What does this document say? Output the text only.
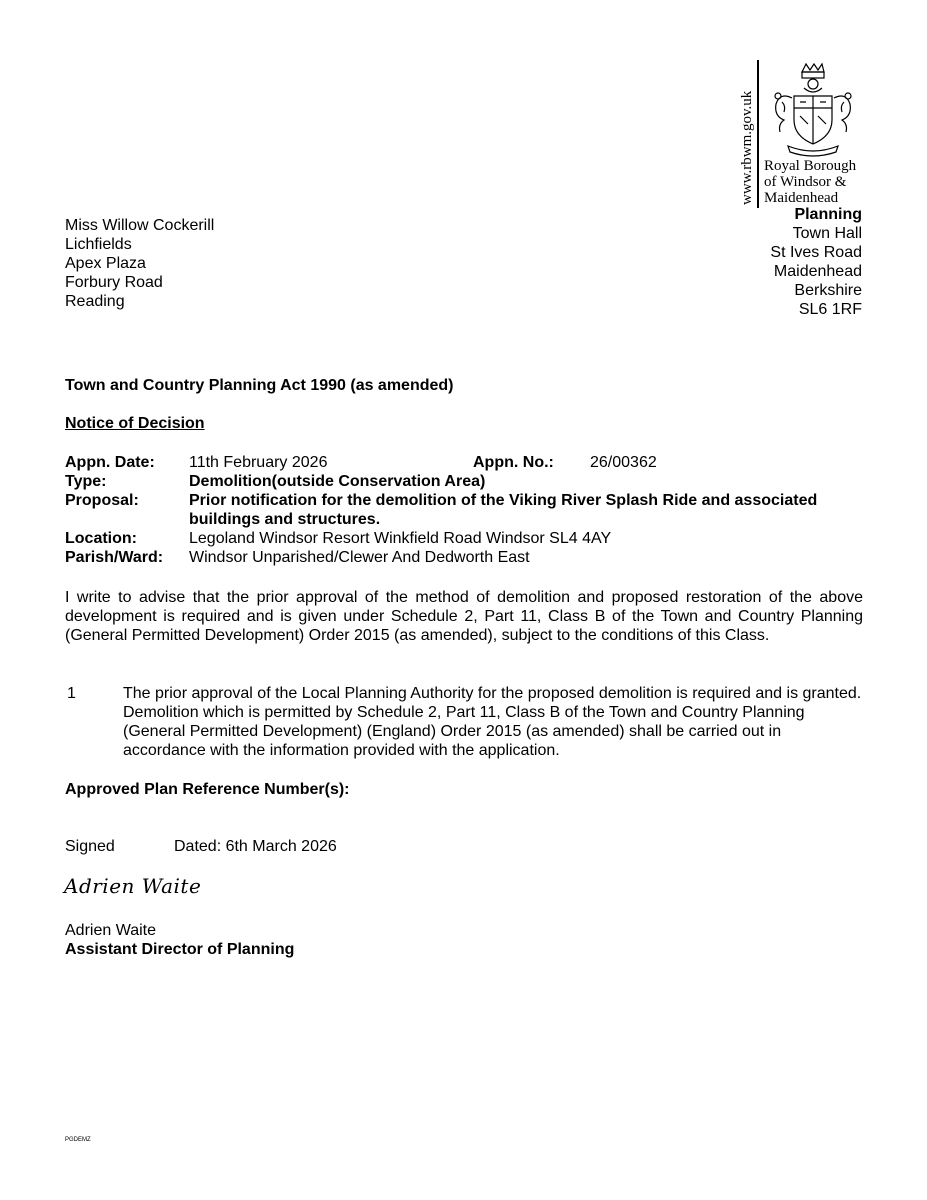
www.rbwm.gov.uk Royal Borough
of Windsor &
Maidenhead
Planning
Town Hall
St Ives Road
Maidenhead
Berkshire
SL6 1RF
Miss Willow Cockerill
Lichfields
Apex Plaza
Forbury Road
Reading
Town and Country Planning Act 1990 (as amended)
Notice of Decision
Appn. Date: 11th February 2026	Appn. No.: 26/00362
Type:	Demolition(outside Conservation Area)
Proposal:	Prior notification for the demolition of the Viking River Splash Ride and associated buildings and structures.
Location:	Legoland Windsor Resort Winkfield Road Windsor SL4 4AY
Parish/Ward: Windsor Unparished/Clewer And Dedworth East
I write to advise that the prior approval of the method of demolition and proposed restoration of the above development is required and is given under Schedule 2, Part 11, Class B of the Town and Country Planning (General Permitted Development) Order 2015 (as amended), subject to the conditions of this Class.
1	The prior approval of the Local Planning Authority for the proposed demolition is required and is granted. Demolition which is permitted by Schedule 2, Part 11, Class B of the Town and Country Planning (General Permitted Development) (England) Order 2015 (as amended) shall be carried out in accordance with the information provided with the application.
Approved Plan Reference Number(s):
Signed	Dated: 6th March 2026
Adrien Waite
Adrien Waite
Assistant Director of Planning
PGDEMZ
